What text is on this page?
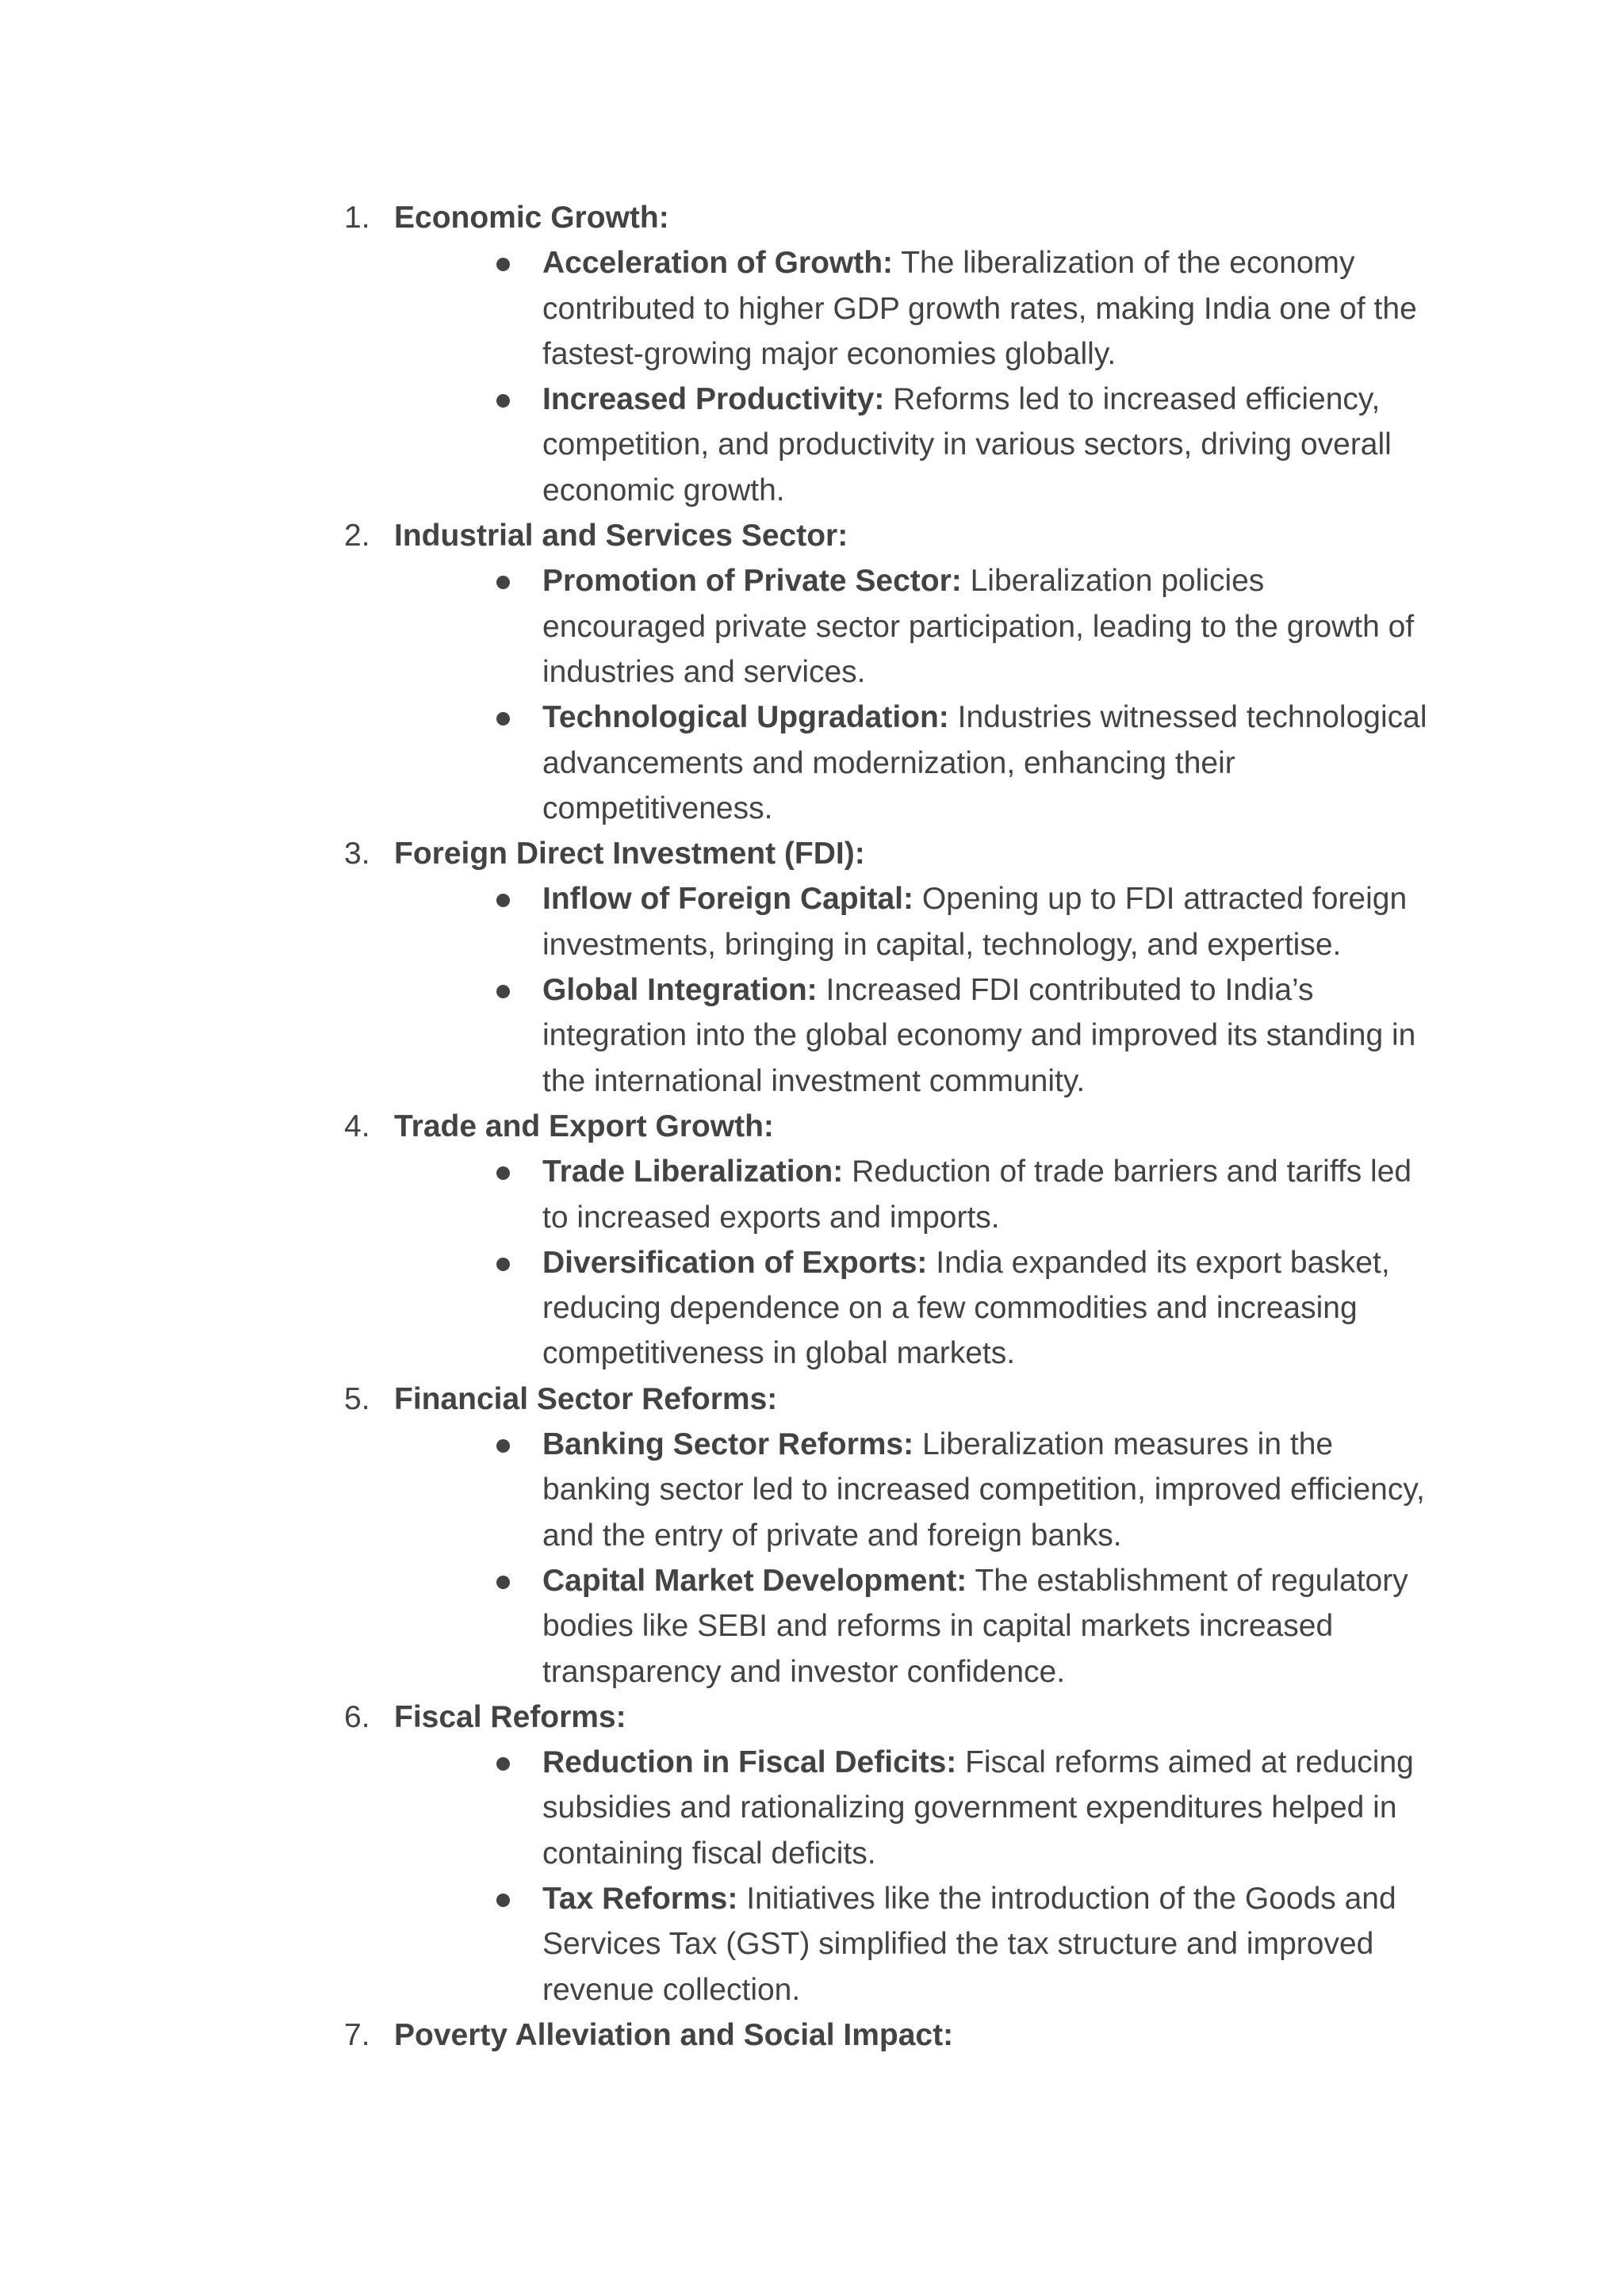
1. Economic Growth:
Acceleration of Growth: The liberalization of the economy contributed to higher GDP growth rates, making India one of the fastest-growing major economies globally.
Increased Productivity: Reforms led to increased efficiency, competition, and productivity in various sectors, driving overall economic growth.
2. Industrial and Services Sector:
Promotion of Private Sector: Liberalization policies encouraged private sector participation, leading to the growth of industries and services.
Technological Upgradation: Industries witnessed technological advancements and modernization, enhancing their competitiveness.
3. Foreign Direct Investment (FDI):
Inflow of Foreign Capital: Opening up to FDI attracted foreign investments, bringing in capital, technology, and expertise.
Global Integration: Increased FDI contributed to India’s integration into the global economy and improved its standing in the international investment community.
4. Trade and Export Growth:
Trade Liberalization: Reduction of trade barriers and tariffs led to increased exports and imports.
Diversification of Exports: India expanded its export basket, reducing dependence on a few commodities and increasing competitiveness in global markets.
5. Financial Sector Reforms:
Banking Sector Reforms: Liberalization measures in the banking sector led to increased competition, improved efficiency, and the entry of private and foreign banks.
Capital Market Development: The establishment of regulatory bodies like SEBI and reforms in capital markets increased transparency and investor confidence.
6. Fiscal Reforms:
Reduction in Fiscal Deficits: Fiscal reforms aimed at reducing subsidies and rationalizing government expenditures helped in containing fiscal deficits.
Tax Reforms: Initiatives like the introduction of the Goods and Services Tax (GST) simplified the tax structure and improved revenue collection.
7. Poverty Alleviation and Social Impact:
